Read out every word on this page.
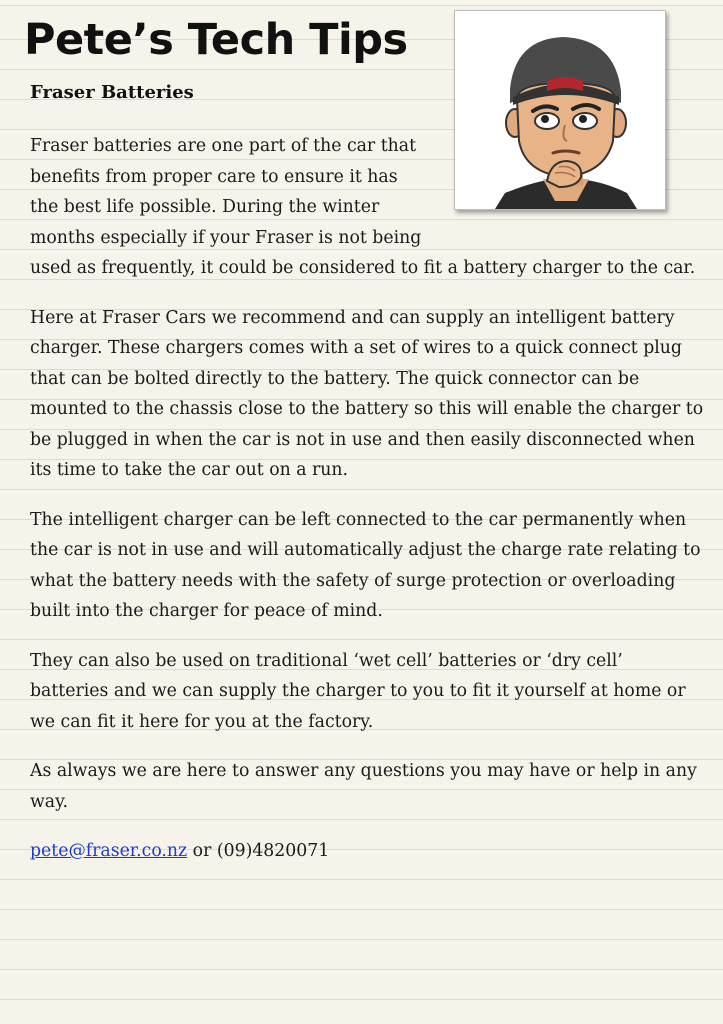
Pete’s Tech Tips
Fraser Batteries

Fraser batteries are one part of the car that benefits from proper care to ensure it has the best life possible. During the winter months especially if your Fraser is not being used as frequently, it could be considered to fit a battery charger to the car.

Here at Fraser Cars we recommend and can supply an intelligent battery charger. These chargers comes with a set of wires to a quick connect plug that can be bolted directly to the battery. The quick connector can be mounted to the chassis close to the battery so this will enable the charger to be plugged in when the car is not in use and then easily disconnected when its time to take the car out on a run.

The intelligent charger can be left connected to the car permanently when the car is not in use and will automatically adjust the charge rate relating to what the battery needs with the safety of surge protection or overloading built into the charger for peace of mind.

They can also be used on traditional ‘wet cell’ batteries or ‘dry cell’ batteries and we can supply the charger to you to fit it yourself at home or we can fit it here for you at the factory.

As always we are here to answer any questions you may have or help in any way.

pete@fraser.co.nz or (09)4820071
